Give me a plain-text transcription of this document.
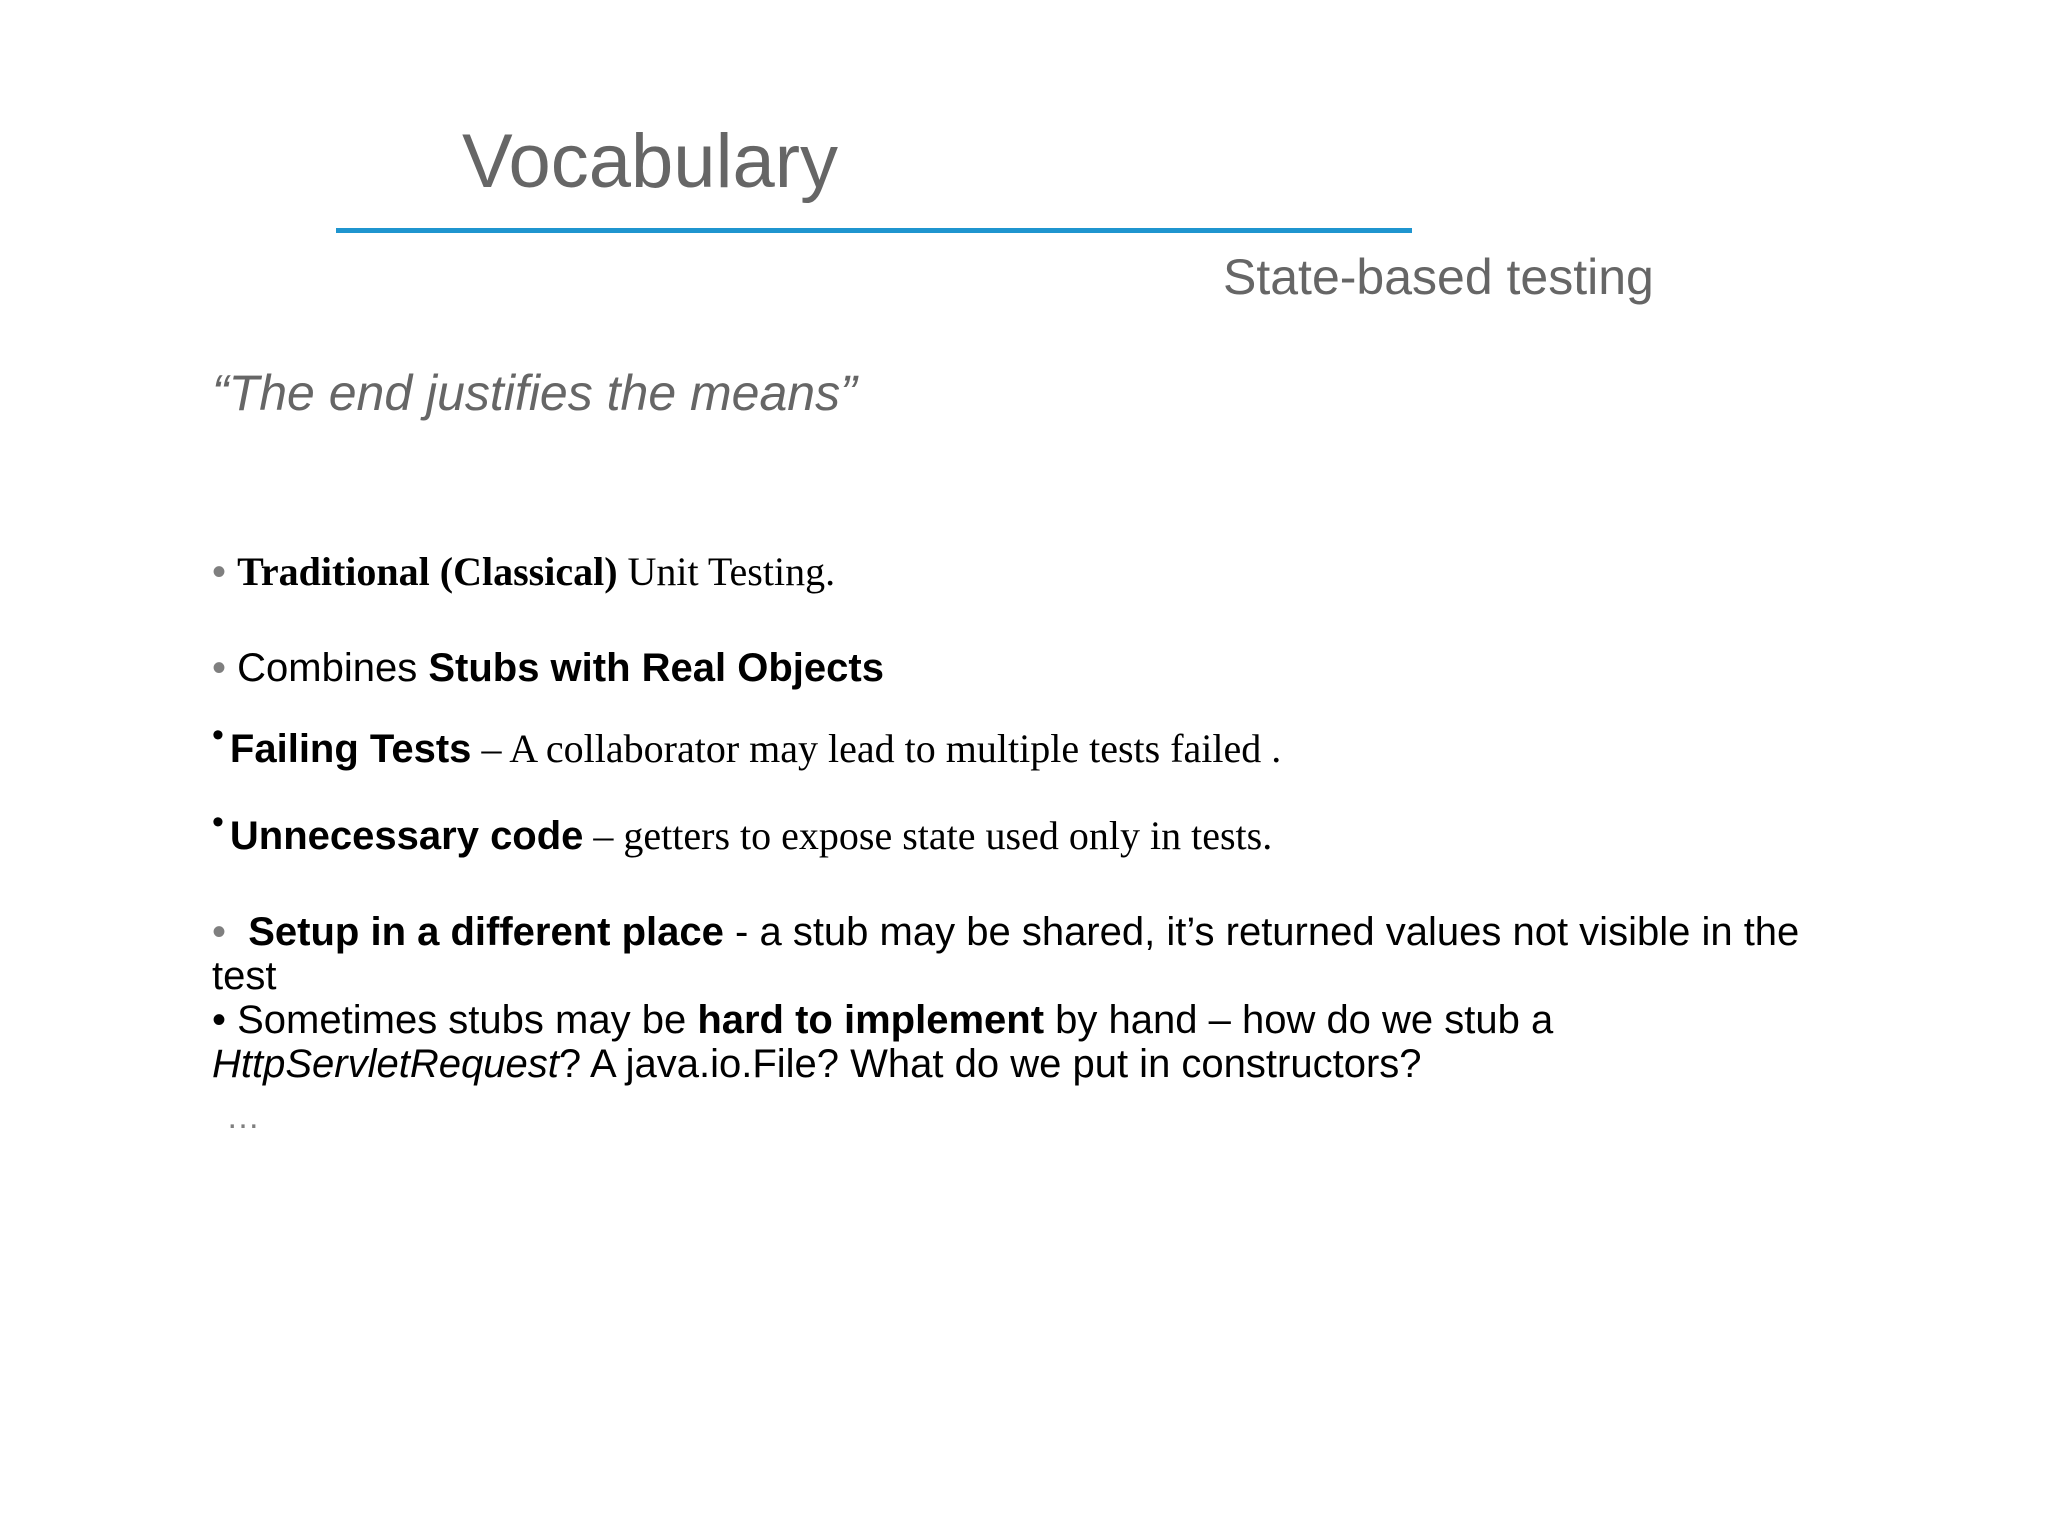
Vocabulary
State-based testing
“The end justifies the means”
• Traditional (Classical) Unit Testing.
• Combines Stubs with Real Objects
• Failing Tests – A collaborator may lead to multiple tests failed .
• Unnecessary code – getters to expose state used only in tests.
• Setup in a different place - a stub may be shared, it’s returned values not visible in the test
• Sometimes stubs may be hard to implement by hand – how do we stub a
HttpServletRequest? A java.io.File? What do we put in constructors?
…
